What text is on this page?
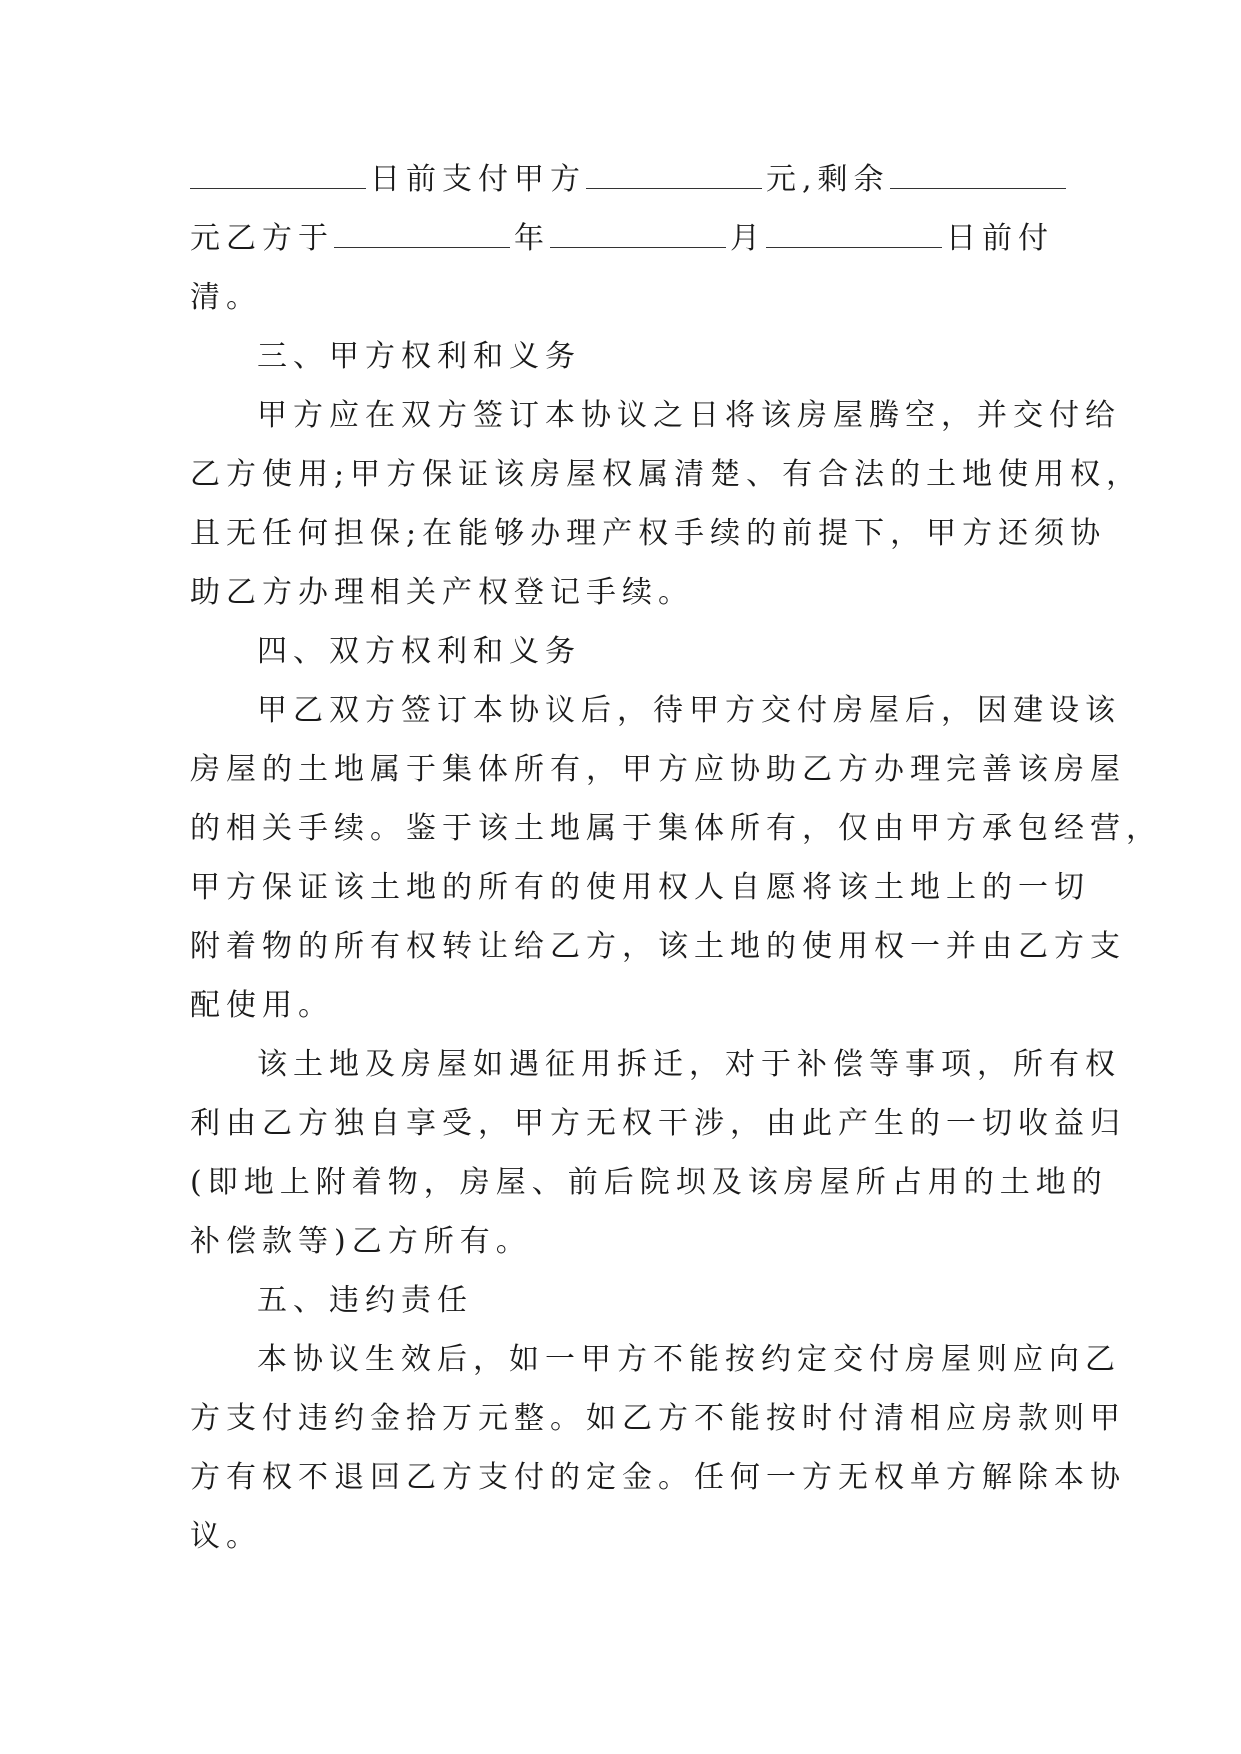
日前支付甲方	元,剩余
元乙方于	年	月	日前付
清。
三、甲方权利和义务
甲方应在双方签订本协议之日将该房屋腾空，并交付给
乙方使用;甲方保证该房屋权属清楚、有合法的土地使用权，
且无任何担保;在能够办理产权手续的前提下，甲方还须协
助乙方办理相关产权登记手续。
四、双方权利和义务
甲乙双方签订本协议后，待甲方交付房屋后，因建设该
房屋的土地属于集体所有，甲方应协助乙方办理完善该房屋
的相关手续。鉴于该土地属于集体所有，仅由甲方承包经营，
甲方保证该土地的所有的使用权人自愿将该土地上的一切
附着物的所有权转让给乙方，该土地的使用权一并由乙方支
配使用。
该土地及房屋如遇征用拆迁，对于补偿等事项，所有权
利由乙方独自享受，甲方无权干涉，由此产生的一切收益归
(即地上附着物，房屋、前后院坝及该房屋所占用的土地的
补偿款等)乙方所有。
五、违约责任
本协议生效后，如一甲方不能按约定交付房屋则应向乙
方支付违约金拾万元整。如乙方不能按时付清相应房款则甲
方有权不退回乙方支付的定金。任何一方无权单方解除本协
议。
